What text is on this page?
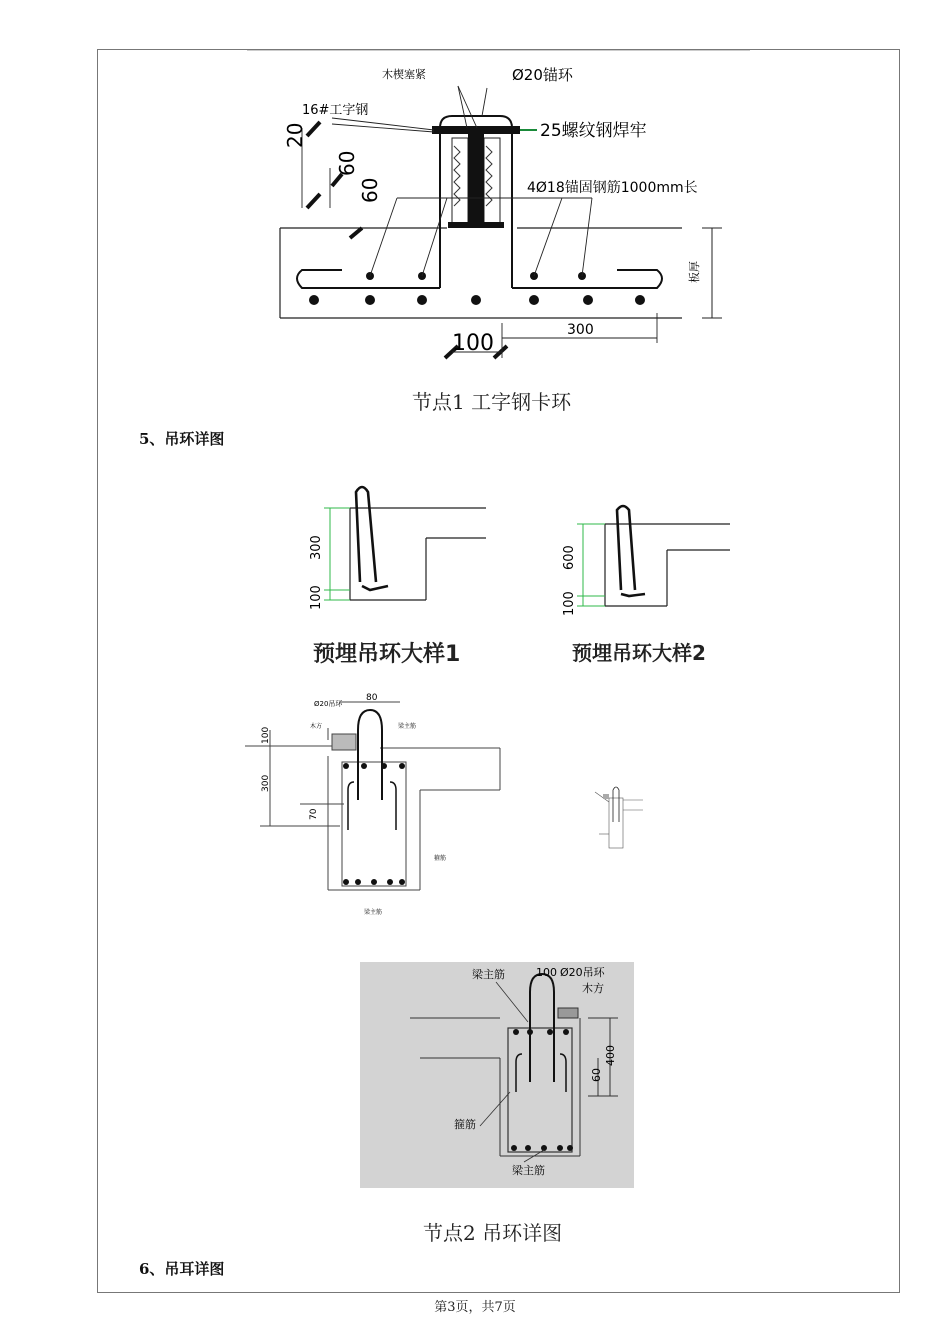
板厚
木楔塞紧	Ø20锚环
16#工字钢
25螺纹钢焊牢
4Ø18锚固钢筋1000mm长
20
60
60
100
300
节点1 工字钢卡环
5、吊环详图
300
100
预埋吊环大样1
600
100
预埋吊环大样2
Ø20吊环
80
木方	梁主筋
100
300
70
箍筋
梁主筋
梁主筋	100 Ø20吊环
木方
60
400
箍筋
梁主筋
节点2 吊环详图
6、吊耳详图
第3页，共7页
